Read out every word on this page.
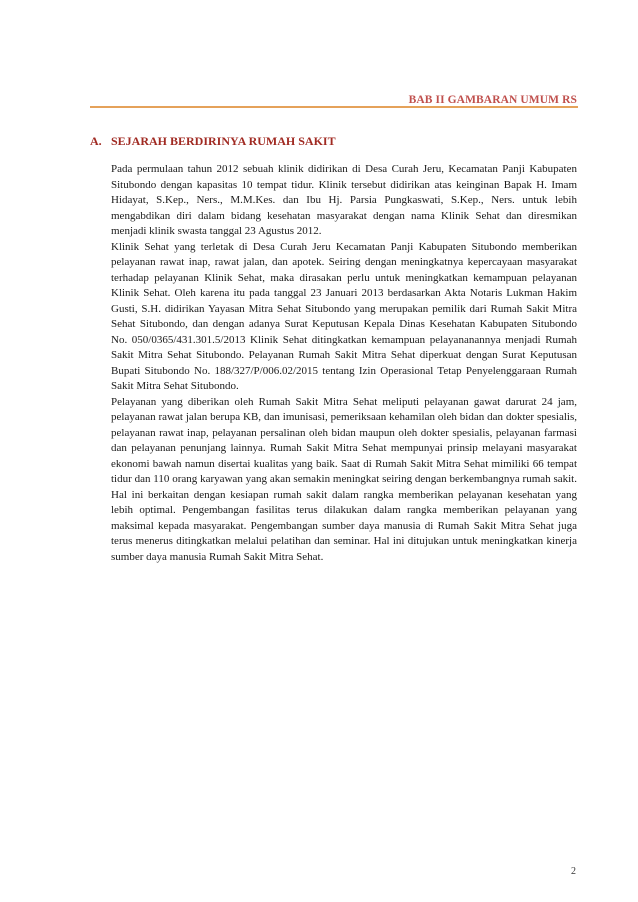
BAB II GAMBARAN UMUM RS
A. SEJARAH BERDIRINYA RUMAH SAKIT

Pada permulaan tahun 2012 sebuah klinik didirikan di Desa Curah Jeru, Kecamatan Panji Kabupaten Situbondo dengan kapasitas 10 tempat tidur. Klinik tersebut didirikan atas keinginan Bapak H. Imam Hidayat, S.Kep., Ners., M.M.Kes. dan Ibu Hj. Parsia Pungkaswati, S.Kep., Ners. untuk lebih mengabdikan diri dalam bidang kesehatan masyarakat dengan nama Klinik Sehat dan diresmikan menjadi klinik swasta tanggal 23 Agustus 2012.

Klinik Sehat yang terletak di Desa Curah Jeru Kecamatan Panji Kabupaten Situbondo memberikan pelayanan rawat inap, rawat jalan, dan apotek. Seiring dengan meningkatnya kepercayaan masyarakat terhadap pelayanan Klinik Sehat, maka dirasakan perlu untuk meningkatkan kemampuan pelayanan Klinik Sehat. Oleh karena itu pada tanggal 23 Januari 2013 berdasarkan Akta Notaris Lukman Hakim Gusti, S.H. didirikan Yayasan Mitra Sehat Situbondo yang merupakan pemilik dari Rumah Sakit Mitra Sehat Situbondo, dan dengan adanya Surat Keputusan Kepala Dinas Kesehatan Kabupaten Situbondo No. 050/0365/431.301.5/2013 Klinik Sehat ditingkatkan kemampuan pelayananannya menjadi Rumah Sakit Mitra Sehat Situbondo. Pelayanan Rumah Sakit Mitra Sehat diperkuat dengan Surat Keputusan Bupati Situbondo No. 188/327/P/006.02/2015 tentang Izin Operasional Tetap Penyelenggaraan Rumah Sakit Mitra Sehat Situbondo.

Pelayanan yang diberikan oleh Rumah Sakit Mitra Sehat meliputi pelayanan gawat darurat 24 jam, pelayanan rawat jalan berupa KB, dan imunisasi, pemeriksaan kehamilan oleh bidan dan dokter spesialis, pelayanan rawat inap, pelayanan persalinan oleh bidan maupun oleh dokter spesialis, pelayanan farmasi dan pelayanan penunjang lainnya. Rumah Sakit Mitra Sehat mempunyai prinsip melayani masyarakat ekonomi bawah namun disertai kualitas yang baik. Saat di Rumah Sakit Mitra Sehat mimiliki 66 tempat tidur dan 110 orang karyawan yang akan semakin meningkat seiring dengan berkembangnya rumah sakit. Hal ini berkaitan dengan kesiapan rumah sakit dalam rangka memberikan pelayanan kesehatan yang lebih optimal. Pengembangan fasilitas terus dilakukan dalam rangka memberikan pelayanan yang maksimal kepada masyarakat. Pengembangan sumber daya manusia di Rumah Sakit Mitra Sehat juga terus menerus ditingkatkan melalui pelatihan dan seminar. Hal ini ditujukan untuk meningkatkan kinerja sumber daya manusia Rumah Sakit Mitra Sehat.

2
